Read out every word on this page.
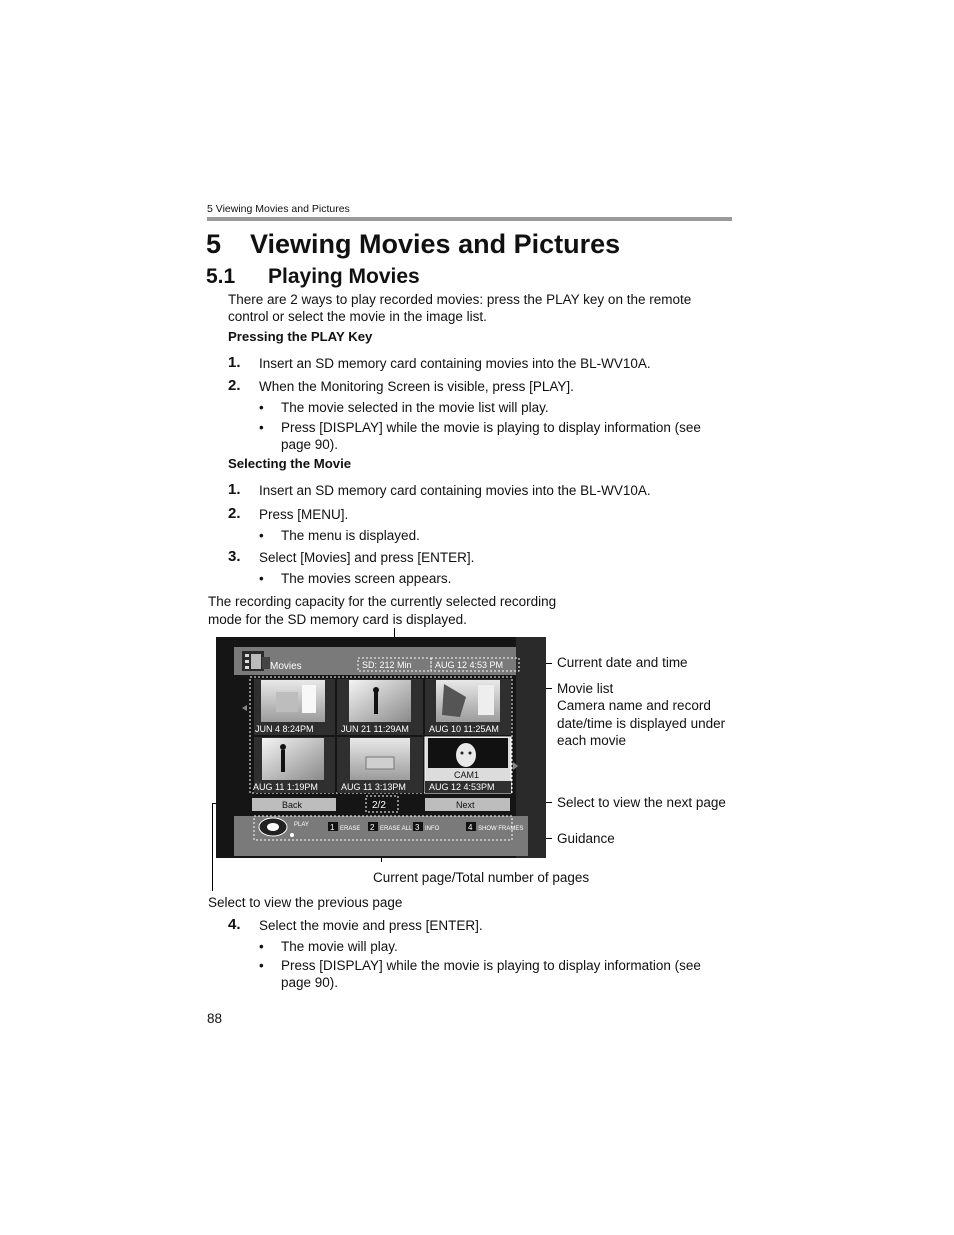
5 Viewing Movies and Pictures
5 Viewing Movies and Pictures
5.1 Playing Movies
There are 2 ways to play recorded movies: press the PLAY key on the remote control or select the movie in the image list.
Pressing the PLAY Key
1. Insert an SD memory card containing movies into the BL-WV10A.
2. When the Monitoring Screen is visible, press [PLAY].
• The movie selected in the movie list will play.
• Press [DISPLAY] while the movie is playing to display information (see page 90).
Selecting the Movie
1. Insert an SD memory card containing movies into the BL-WV10A.
2. Press [MENU].
• The menu is displayed.
3. Select [Movies] and press [ENTER].
• The movies screen appears.
The recording capacity for the currently selected recording mode for the SD memory card is displayed.
Current date and time
Movie list
Camera name and record date/time is displayed under each movie
Select to view the next page
Guidance
Current page/Total number of pages
Select to view the previous page
Movies	SD: 212 Min	AUG 12 4:53 PM
JUN 4 8:24PM	JUN 21 11:29AM AUG 10 11:25AM
AUG 11 1:19PM	AUG 11 3:13PM
CAM1
AUG 12 4:53PM
Back	2/2	Next
PLAY	1 ERASE 2 ERASE ALL 3 INFO	4 SHOW FRAMES
4. Select the movie and press [ENTER].
• The movie will play.
• Press [DISPLAY] while the movie is playing to display information (see page 90).
88
